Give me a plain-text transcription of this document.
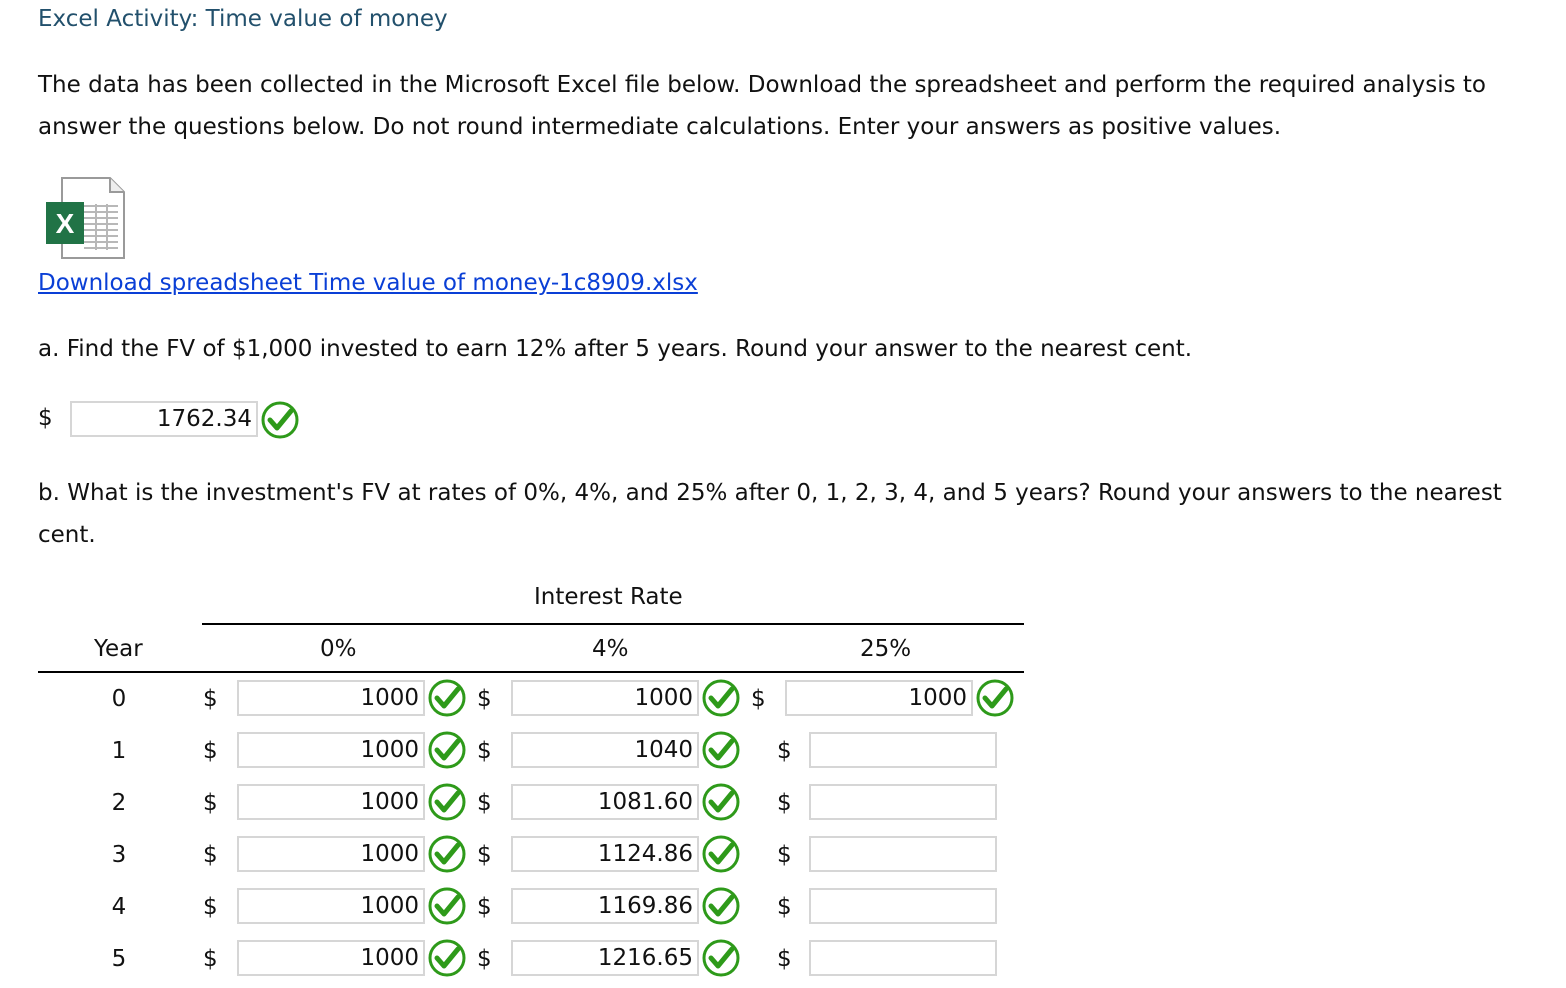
Excel Activity: Time value of money
The data has been collected in the Microsoft Excel file below. Download the spreadsheet and perform the required analysis to answer the questions below. Do not round intermediate calculations. Enter your answers as positive values.
X
Download spreadsheet Time value of money-1c8909.xlsx
a. Find the FV of $1,000 invested to earn 12% after 5 years. Round your answer to the nearest cent.
$	1762.34
b. What is the investment's FV at rates of 0%, 4%, and 25% after 0, 1, 2, 3, 4, and 5 years? Round your answers to the nearest cent.
Interest Rate
Year	0%	4%	25%
0	$	1000	$	1000	$	1000
1	$	1000	$	1040	$
2	$	1000	$	1081.60	$
3	$	1000	$	1124.86	$
4	$	1000	$	1169.86	$
5	$	1000	$	1216.65	$
